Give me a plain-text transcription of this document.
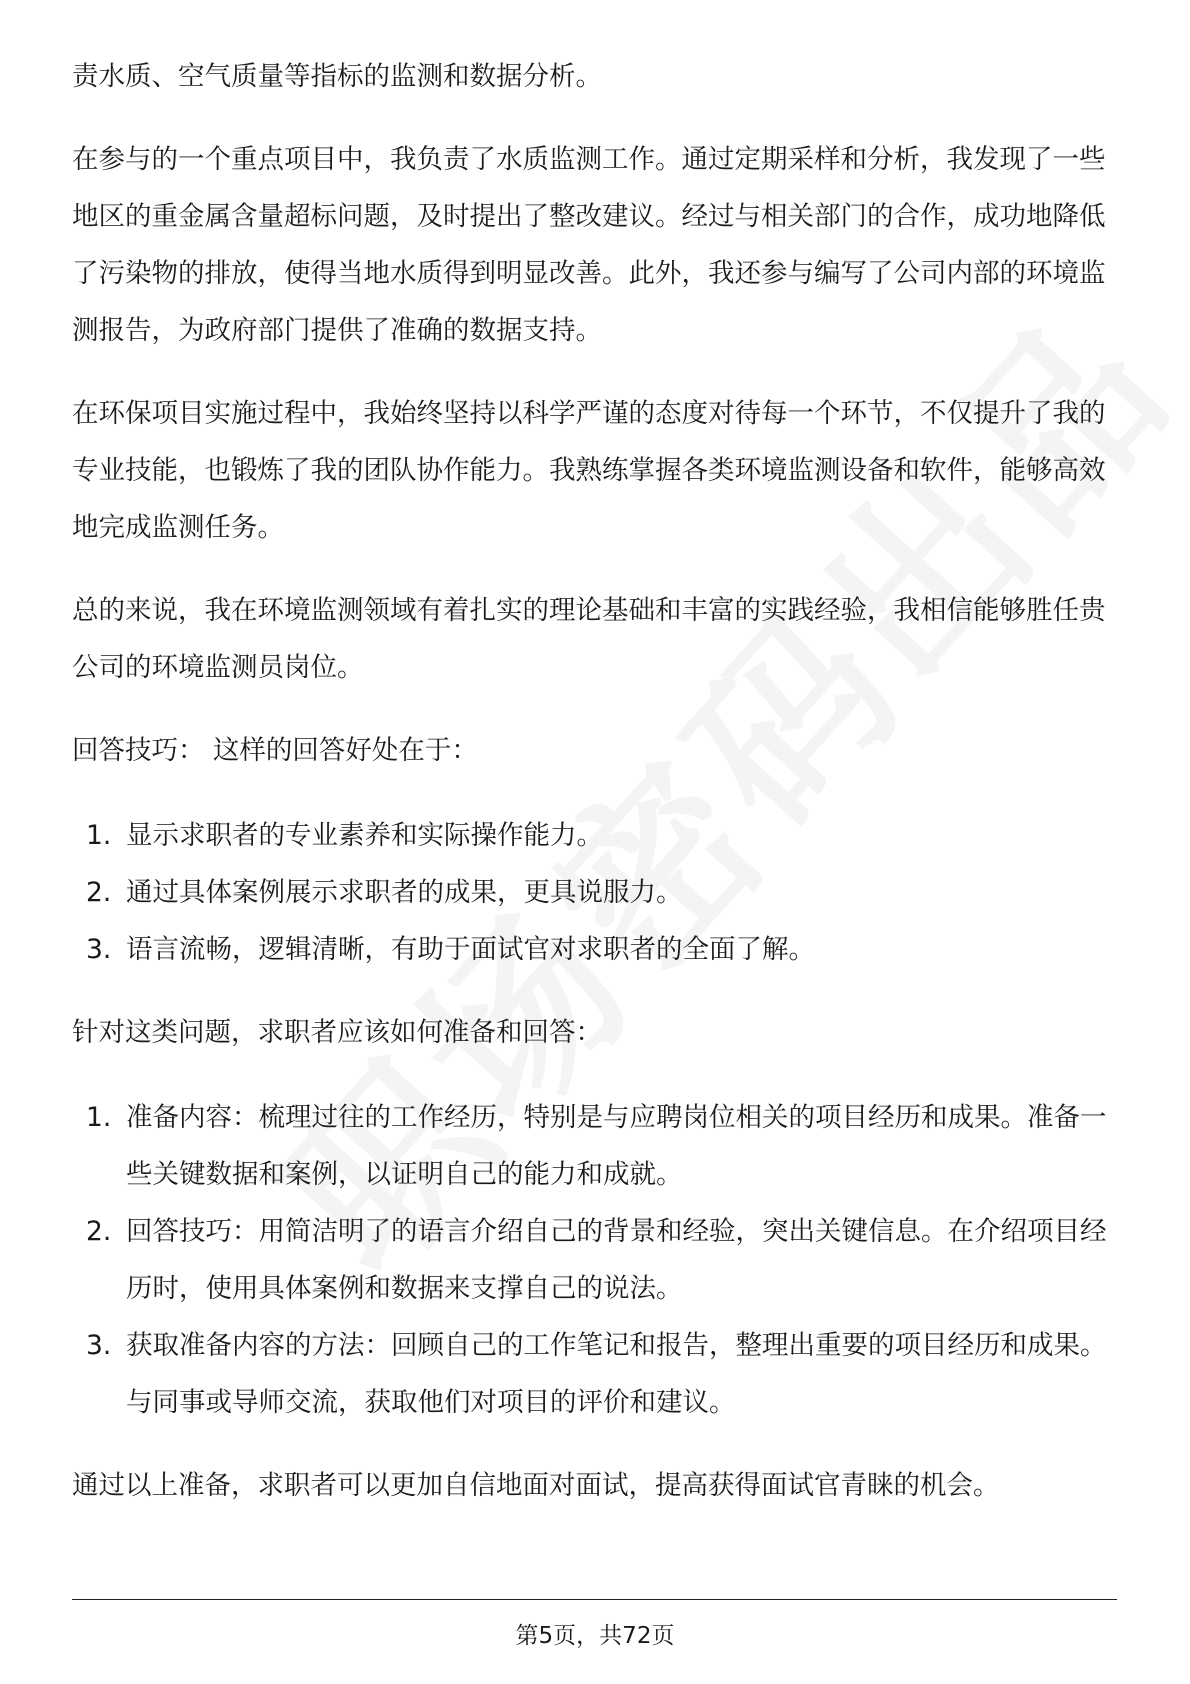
责水质、空气质量等指标的监测和数据分析。

在参与的一个重点项目中，我负责了水质监测工作。通过定期采样和分析，我发现了一些地区的重金属含量超标问题，及时提出了整改建议。经过与相关部门的合作，成功地降低了污染物的排放，使得当地水质得到明显改善。此外，我还参与编写了公司内部的环境监测报告，为政府部门提供了准确的数据支持。

在环保项目实施过程中，我始终坚持以科学严谨的态度对待每一个环节，不仅提升了我的专业技能，也锻炼了我的团队协作能力。我熟练掌握各类环境监测设备和软件，能够高效地完成监测任务。

总的来说，我在环境监测领域有着扎实的理论基础和丰富的实践经验，我相信能够胜任贵公司的环境监测员岗位。

回答技巧： 这样的回答好处在于：

1. 显示求职者的专业素养和实际操作能力。
2. 通过具体案例展示求职者的成果，更具说服力。
3. 语言流畅，逻辑清晰，有助于面试官对求职者的全面了解。

针对这类问题，求职者应该如何准备和回答：

1. 准备内容：梳理过往的工作经历，特别是与应聘岗位相关的项目经历和成果。准备一些关键数据和案例，以证明自己的能力和成就。
2. 回答技巧：用简洁明了的语言介绍自己的背景和经验，突出关键信息。在介绍项目经历时，使用具体案例和数据来支撑自己的说法。
3. 获取准备内容的方法：回顾自己的工作笔记和报告，整理出重要的项目经历和成果。与同事或导师交流，获取他们对项目的评价和建议。

通过以上准备，求职者可以更加自信地面对面试，提高获得面试官青睐的机会。

第5页，共72页
